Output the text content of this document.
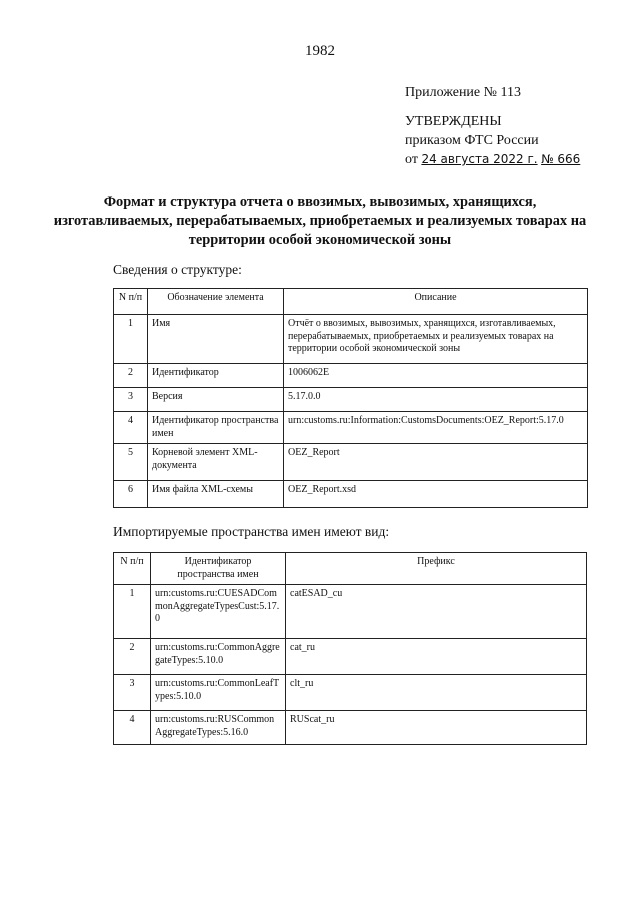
1982
Приложение № 113
УТВЕРЖДЕНЫ
приказом ФТС России
от 24 августа 2022 г. № 666
Формат и структура отчета о ввозимых, вывозимых, хранящихся, изготавливаемых, перерабатываемых, приобретаемых и реализуемых товарах на территории особой экономической зоны
Сведения о структуре:
N п/п	Обозначение элемента	Описание
1	Имя	Отчёт о ввозимых, вывозимых, хранящихся, изготавливаемых, перерабатываемых, приобретаемых и реализуемых товарах на территории особой экономической зоны
2	Идентификатор	1006062E
3	Версия	5.17.0.0
4	Идентификатор пространства имен	urn:customs.ru:Information:CustomsDocuments:OEZ_Report:5.17.0
5	Корневой элемент XML-документа	OEZ_Report
6	Имя файла XML-схемы	OEZ_Report.xsd
Импортируемые пространства имен имеют вид:
N п/п	Идентификатор пространства имен	Префикс
1	urn:customs.ru:CUESADCommonAggregateTypesCust:5.17.0	catESAD_cu
2	urn:customs.ru:CommonAggregateTypes:5.10.0	cat_ru
3	urn:customs.ru:CommonLeafTypes:5.10.0	clt_ru
4	urn:customs.ru:RUSCommonAggregateTypes:5.16.0	RUScat_ru
